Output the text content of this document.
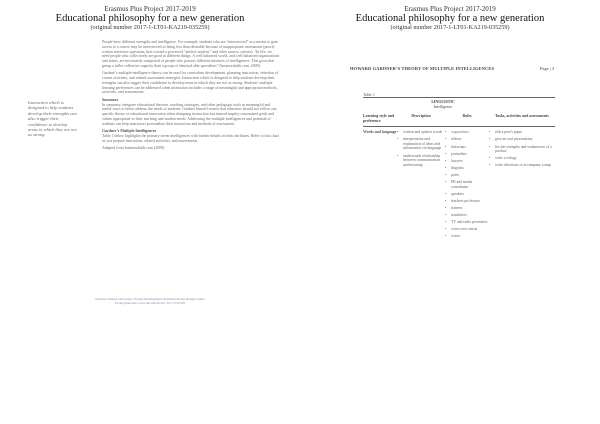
Erasmus Plus Project 2017-2019
Educational philosophy for a new generation
(original number 2017-1-LT01-KA219-035259)
Instruction which is designed to help students develop their strengths can also trigger their confidence to develop areas in which they are not as strong.

People have different strengths and intelligence. For example, students who are “interviewed” as a means to gain access to a course may be interviewed as being less than desirable because of inappropriate assessment (poorly written interview questions, bias toward a perceived “perfect student,” and other narrow criteria). “In life, we need people who collectively are good at different things. A well balanced world, and well balanced organizations and teams, are necessarily comprised of people who possess different mixtures of intelligences. This gives that group a fuller collective capacity than a group of identical able specialists” (businessballs.com, 2009).

Gardner’s multiple intelligence theory can be used for curriculum development, planning instruction, selection of course activities, and related assessment strategies. Instruction which is designed to help students develop their strengths can also trigger their confidence to develop areas in which they are not as strong. Students’ multiple learning preferences can be addressed when instruction includes a range of meaningful and appropriate methods, activities, and assessments.

Summary

In summary, integrate educational theories, teaching strategies, and other pedagogic tools in meaningful and useful ways to better address the needs of students. Gardner himself asserts that educators should not follow one specific theory or educational innovation when designing instruction but instead employ customized goals and values appropriate to their teaching and student needs. Addressing the multiple intelligences and potential of students can help instructors personalize their instruction and methods of assessment.

Gardner’s Multiple Intelligences

Table 1 below highlights the primary seven intelligences with further details on their attributes. Refer to this chart as you prepare instruction, related activities, and assessments.

Adapted from businessballs.com (2009)

Northern Illinois University, Faculty Development and Instructional Design Center
facdev@niu.edu, www.niu.edu/facdev, 815.753.0595
Erasmus Plus Project 2017-2019
Educational philosophy for a new generation
(original number 2017-1-LT01-KA219-035259)
HOWARD GARDNER’S THEORY OF MULTIPLE INTELLIGENCES	Page | 3
Table 1
LINGUISTIC
Intelligence
Learning style and preference
Description	Roles	Tasks, activities and assessments
Words and language
•	written and spoken words
• interpretation and explanation of ideas and information via language
• understands relationship between communication and meaning
• copywriters
• editors
• historians
• journalists
• lawyers
• linguists
• poets
• PR and media consultants
• speakers
• teachers professors
• trainers
• translators
• TV and radio presenters
• voice-over artists
• writer
• edit a peer's paper
• give an oral presentation
• list the strengths and weaknesses of a product
• write a eulogy
• write directions to accompany a map
